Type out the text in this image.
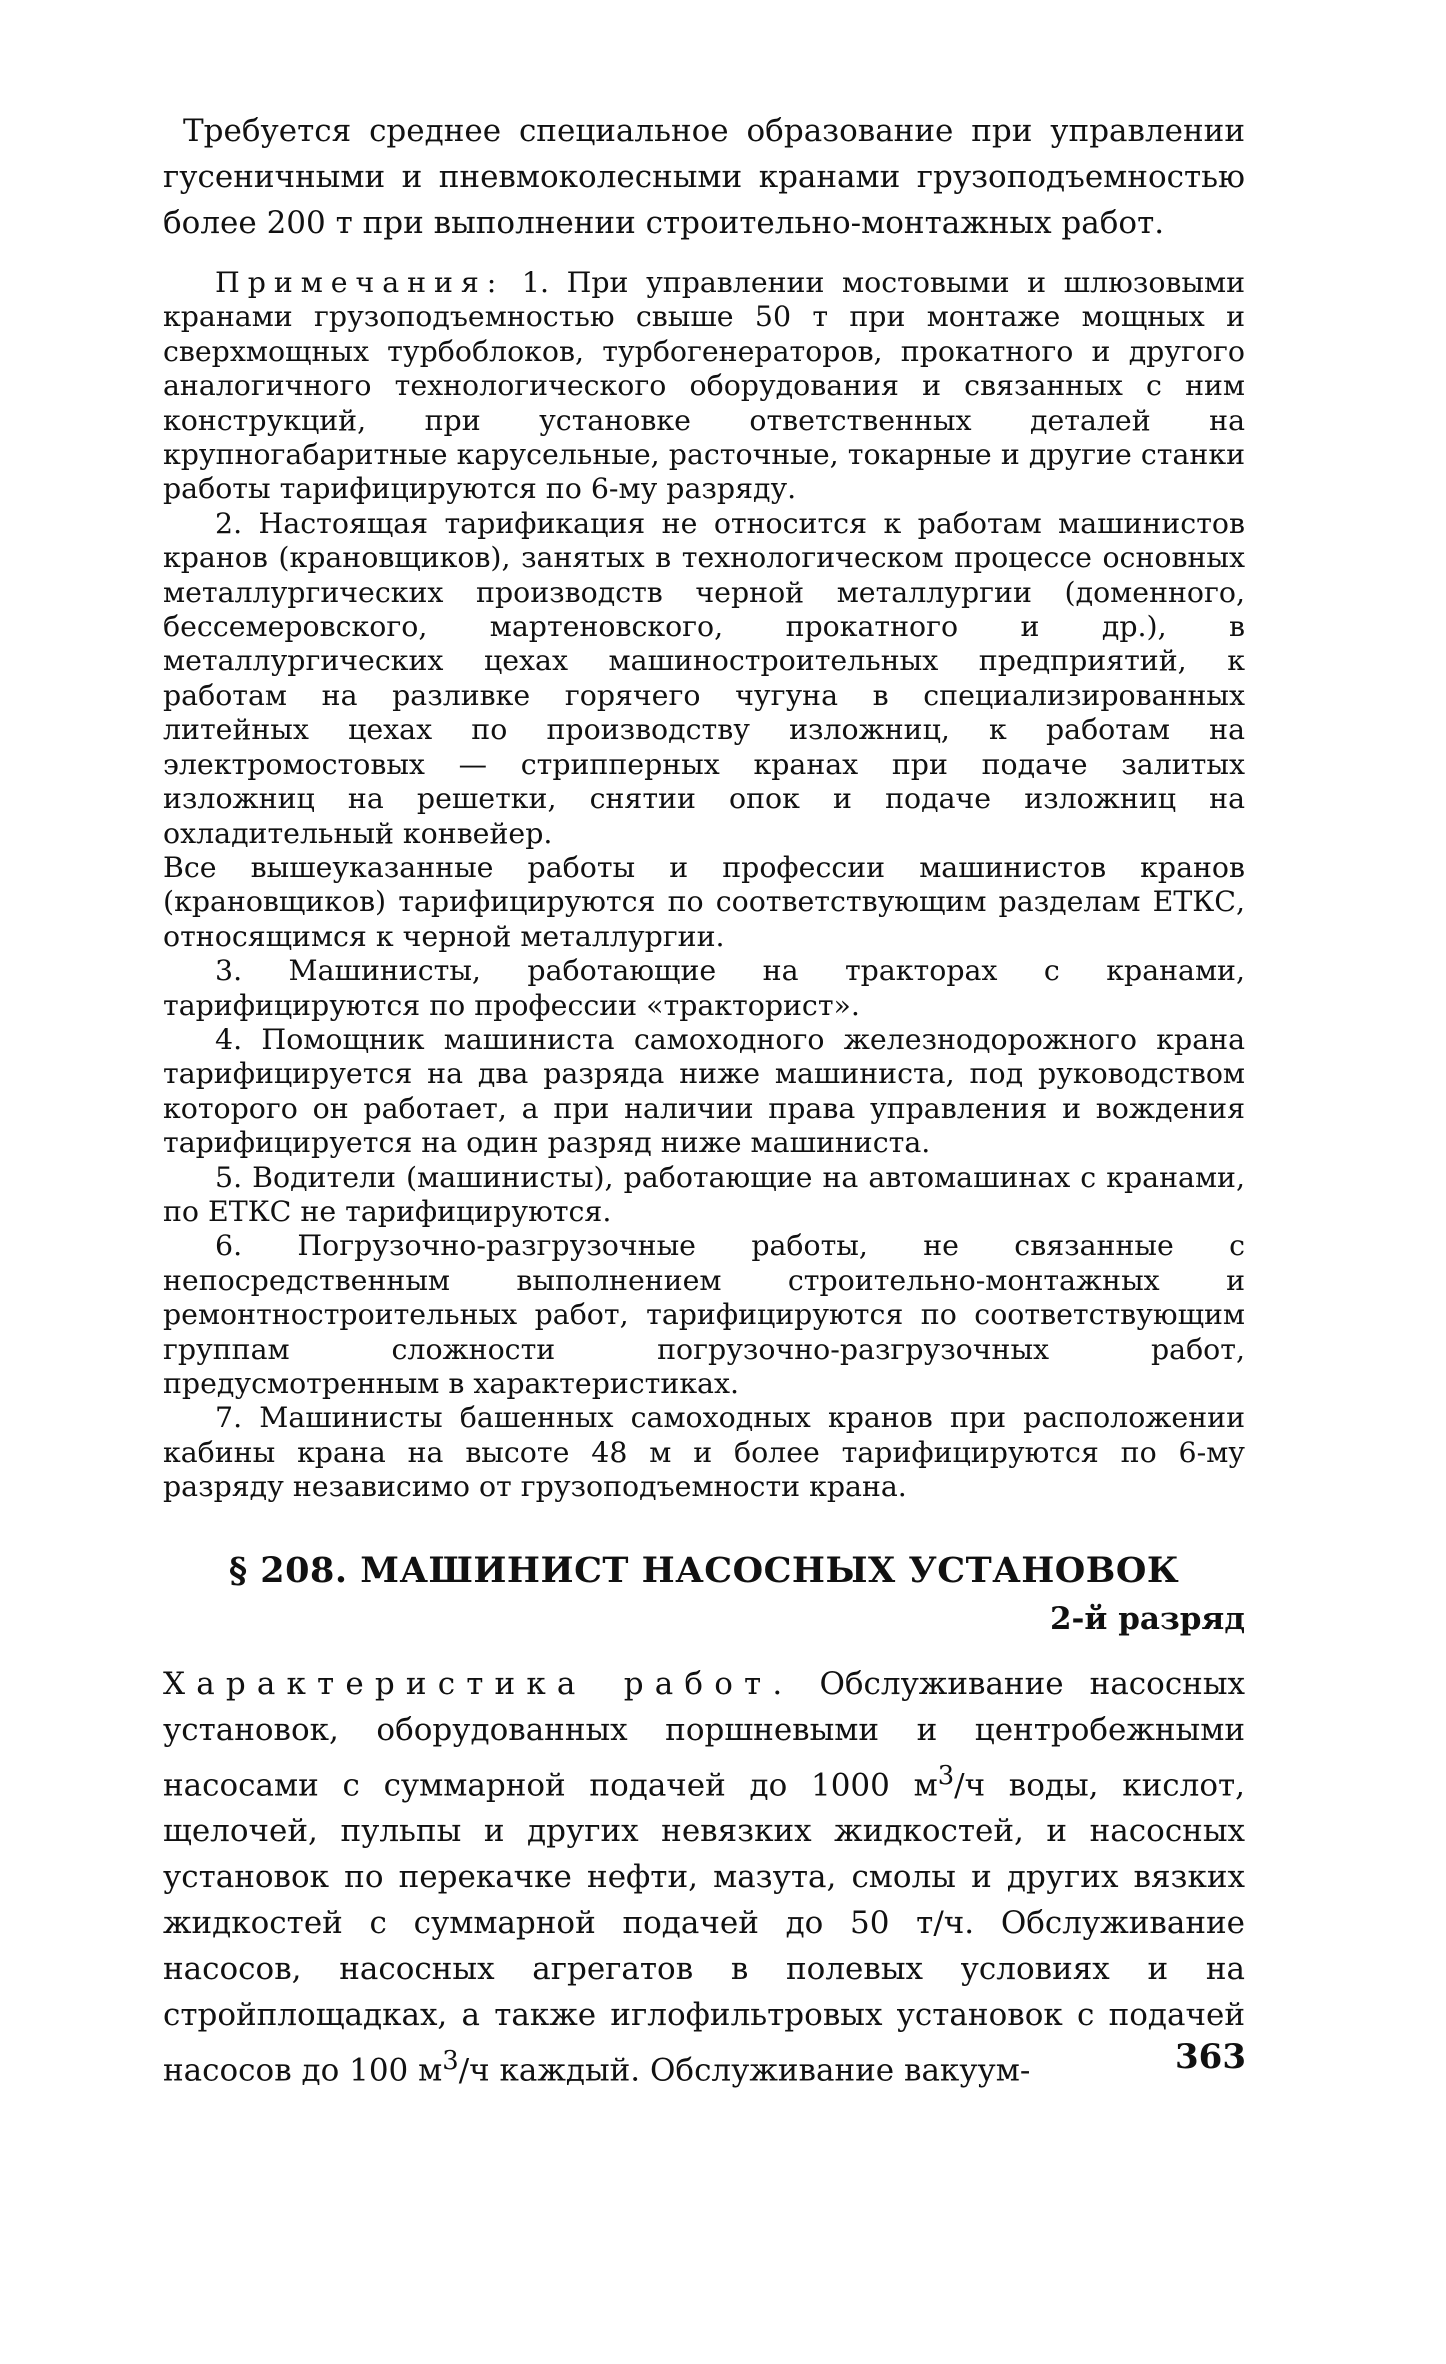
Требуется среднее специальное образование при управлении гусеничными и пневмоколесными кранами грузоподъемностью более 200 т при выполнении строительно-монтажных работ.

Примечания: 1. При управлении мостовыми и шлюзовыми кранами грузоподъемностью свыше 50 т при монтаже мощных и сверхмощных турбоблоков, турбогенераторов, прокатного и другого аналогичного технологического оборудования и связанных с ним конструкций, при установке ответственных деталей на крупногабаритные карусельные, расточные, токарные и другие станки работы тарифицируются по 6-му разряду.

2. Настоящая тарификация не относится к работам машинистов кранов (крановщиков), занятых в технологическом процессе основных металлургических производств черной металлургии (доменного, бессемеровского, мартеновского, прокатного и др.), в металлургических цехах машиностроительных предприятий, к работам на разливке горячего чугуна в специализированных литейных цехах по производству изложниц, к работам на электромостовых — стрипперных кранах при подаче залитых изложниц на решетки, снятии опок и подаче изложниц на охладительный конвейер.

Все вышеуказанные работы и профессии машинистов кранов (крановщиков) тарифицируются по соответствующим разделам ЕТКС, относящимся к черной металлургии.

3. Машинисты, работающие на тракторах с кранами, тарифицируются по профессии «тракторист».

4. Помощник машиниста самоходного железнодорожного крана тарифицируется на два разряда ниже машиниста, под руководством которого он работает, а при наличии права управления и вождения тарифицируется на один разряд ниже машиниста.

5. Водители (машинисты), работающие на автомашинах с кранами, по ЕТКС не тарифицируются.

6. Погрузочно-разгрузочные работы, не связанные с непосредственным выполнением строительно-монтажных и ремонтностроительных работ, тарифицируются по соответствующим группам сложности погрузочно-разгрузочных работ, предусмотренным в характеристиках.

7. Машинисты башенных самоходных кранов при расположении кабины крана на высоте 48 м и более тарифицируются по 6-му разряду независимо от грузоподъемности крана.

§ 208. МАШИНИСТ НАСОСНЫХ УСТАНОВОК
2-й разряд

Характеристика работ. Обслуживание насосных установок, оборудованных поршневыми и центробежными насосами с суммарной подачей до 1000 $м^3/ч$ воды, кислот, щелочей, пульпы и других невязких жидкостей, и насосных установок по перекачке нефти, мазута, смолы и других вязких жидкостей с суммарной подачей до 50 т/ч. Обслуживание насосов, насосных агрегатов в полевых условиях и на стройплощадках, а также иглофильтровых установок с подачей насосов до 100 $м^3/ч$ каждый. Обслуживание вакуум-	363
